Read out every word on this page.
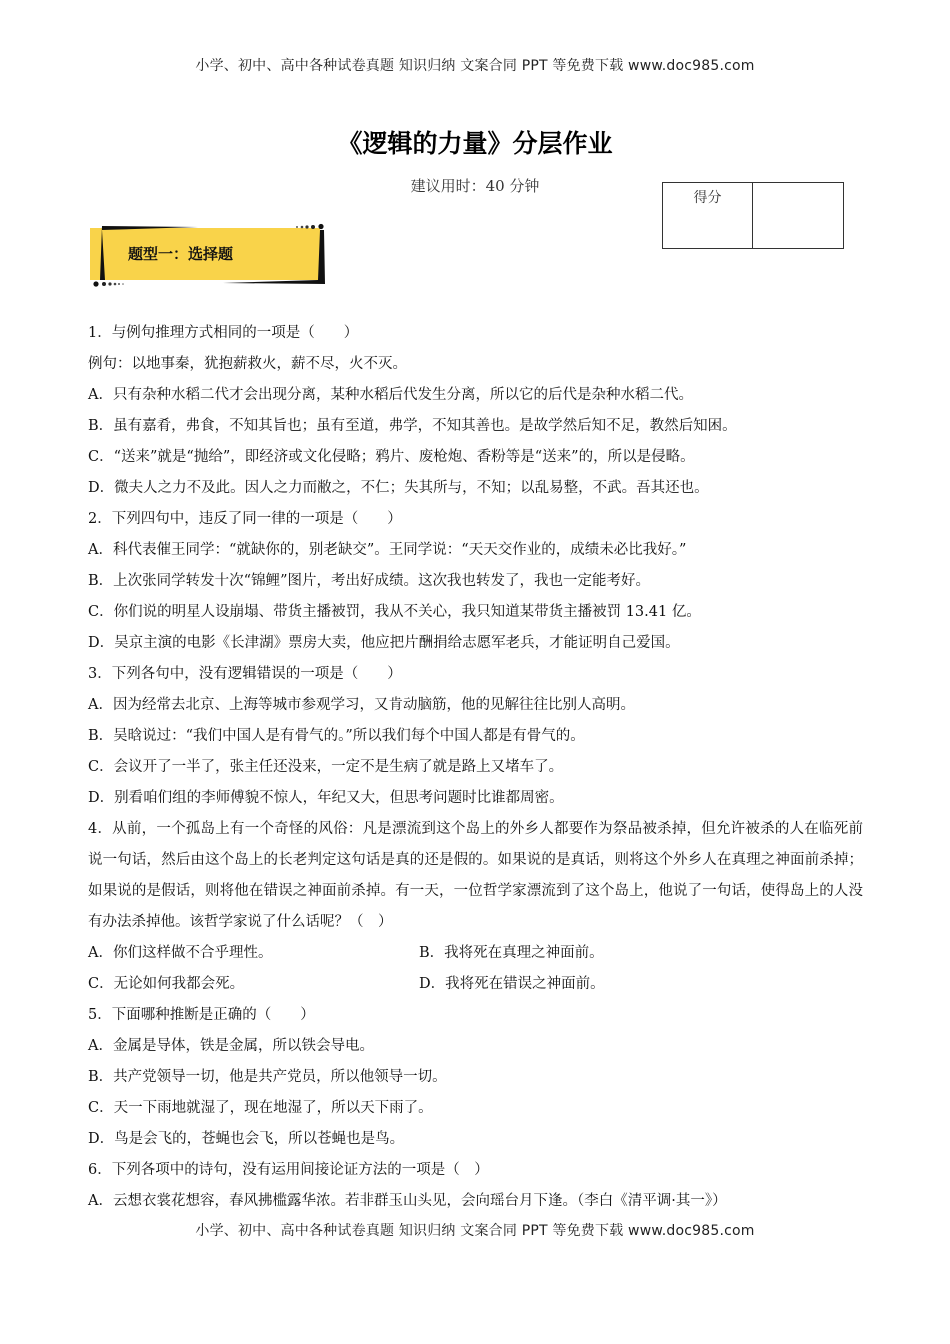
小学、初中、高中各种试卷真题 知识归纳 文案合同 PPT 等免费下载 www.doc985.com
《逻辑的力量》分层作业
建议用时：40 分钟
得分
题型一：选择题

1．与例句推理方式相同的一项是（　　）

例句：以地事秦，犹抱薪救火，薪不尽，火不灭。

A．只有杂种水稻二代才会出现分离，某种水稻后代发生分离，所以它的后代是杂种水稻二代。

B．虽有嘉肴，弗食，不知其旨也；虽有至道，弗学，不知其善也。是故学然后知不足，教然后知困。

C．“送来”就是“抛给”，即经济或文化侵略；鸦片、废枪炮、香粉等是“送来”的，所以是侵略。

D．微夫人之力不及此。因人之力而敝之，不仁；失其所与，不知；以乱易整，不武。吾其还也。

2．下列四句中，违反了同一律的一项是（　　）

A．科代表催王同学：“就缺你的，别老缺交”。王同学说：“天天交作业的，成绩未必比我好。”

B．上次张同学转发十次“锦鲤”图片，考出好成绩。这次我也转发了，我也一定能考好。

C．你们说的明星人设崩塌、带货主播被罚，我从不关心，我只知道某带货主播被罚 13.41 亿。

D．吴京主演的电影《长津湖》票房大卖，他应把片酬捐给志愿军老兵，才能证明自己爱国。

3．下列各句中，没有逻辑错误的一项是（　　）

A．因为经常去北京、上海等城市参观学习，又肯动脑筋，他的见解往往比别人高明。

B．吴晗说过：“我们中国人是有骨气的。”所以我们每个中国人都是有骨气的。

C．会议开了一半了，张主任还没来，一定不是生病了就是路上又堵车了。

D．别看咱们组的李师傅貌不惊人，年纪又大，但思考问题时比谁都周密。

4．从前，一个孤岛上有一个奇怪的风俗：凡是漂流到这个岛上的外乡人都要作为祭品被杀掉，但允许被杀的人在临死前说一句话，然后由这个岛上的长老判定这句话是真的还是假的。如果说的是真话，则将这个外乡人在真理之神面前杀掉；如果说的是假话，则将他在错误之神面前杀掉。有一天，一位哲学家漂流到了这个岛上，他说了一句话，使得岛上的人没有办法杀掉他。该哲学家说了什么话呢？（　）

A．你们这样做不合乎理性。	B．我将死在真理之神面前。
C．无论如何我都会死。	D．我将死在错误之神面前。

5．下面哪种推断是正确的（　　）

A．金属是导体，铁是金属，所以铁会导电。

B．共产党领导一切，他是共产党员，所以他领导一切。

C．天一下雨地就湿了，现在地湿了，所以天下雨了。

D．鸟是会飞的，苍蝇也会飞，所以苍蝇也是鸟。

6．下列各项中的诗句，没有运用间接论证方法的一项是（　）

A．云想衣裳花想容，春风拂槛露华浓。若非群玉山头见，会向瑶台月下逢。（李白《清平调·其一》）

小学、初中、高中各种试卷真题 知识归纳 文案合同 PPT 等免费下载 www.doc985.com
